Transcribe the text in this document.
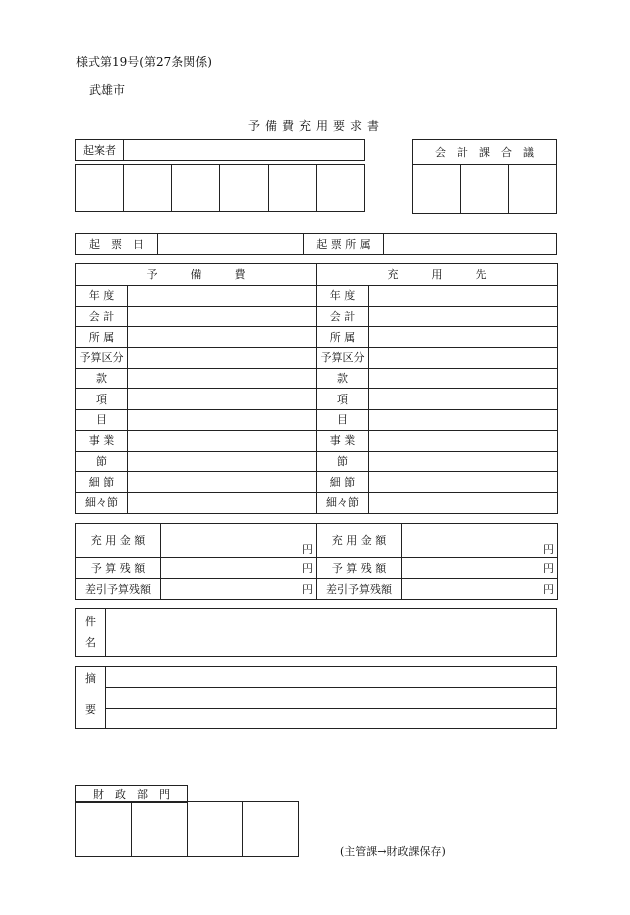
様式第19号(第27条関係)
武雄市
予備費充用要求書
起案者					

						会　計　課　合　議

起　票　日		起 票 所 属	
予　　　備　　　費		充　　　用　　　先	
年 度		年 度	
会 計		会 計	
所 属		所 属	
予算区分		予算区分	
款		款	
項		項	
目		目	
事 業		事 業	
節		節	
細 節		細 節	
細々節		細々節	
充 用 金 額	円	充 用 金 額	円
予 算 残 額	円	予 算 残 額	円
差引予算残額	円	差引予算残額	円
件
名

摘
要

財　政　部　門

(主管課→財政課保存)
